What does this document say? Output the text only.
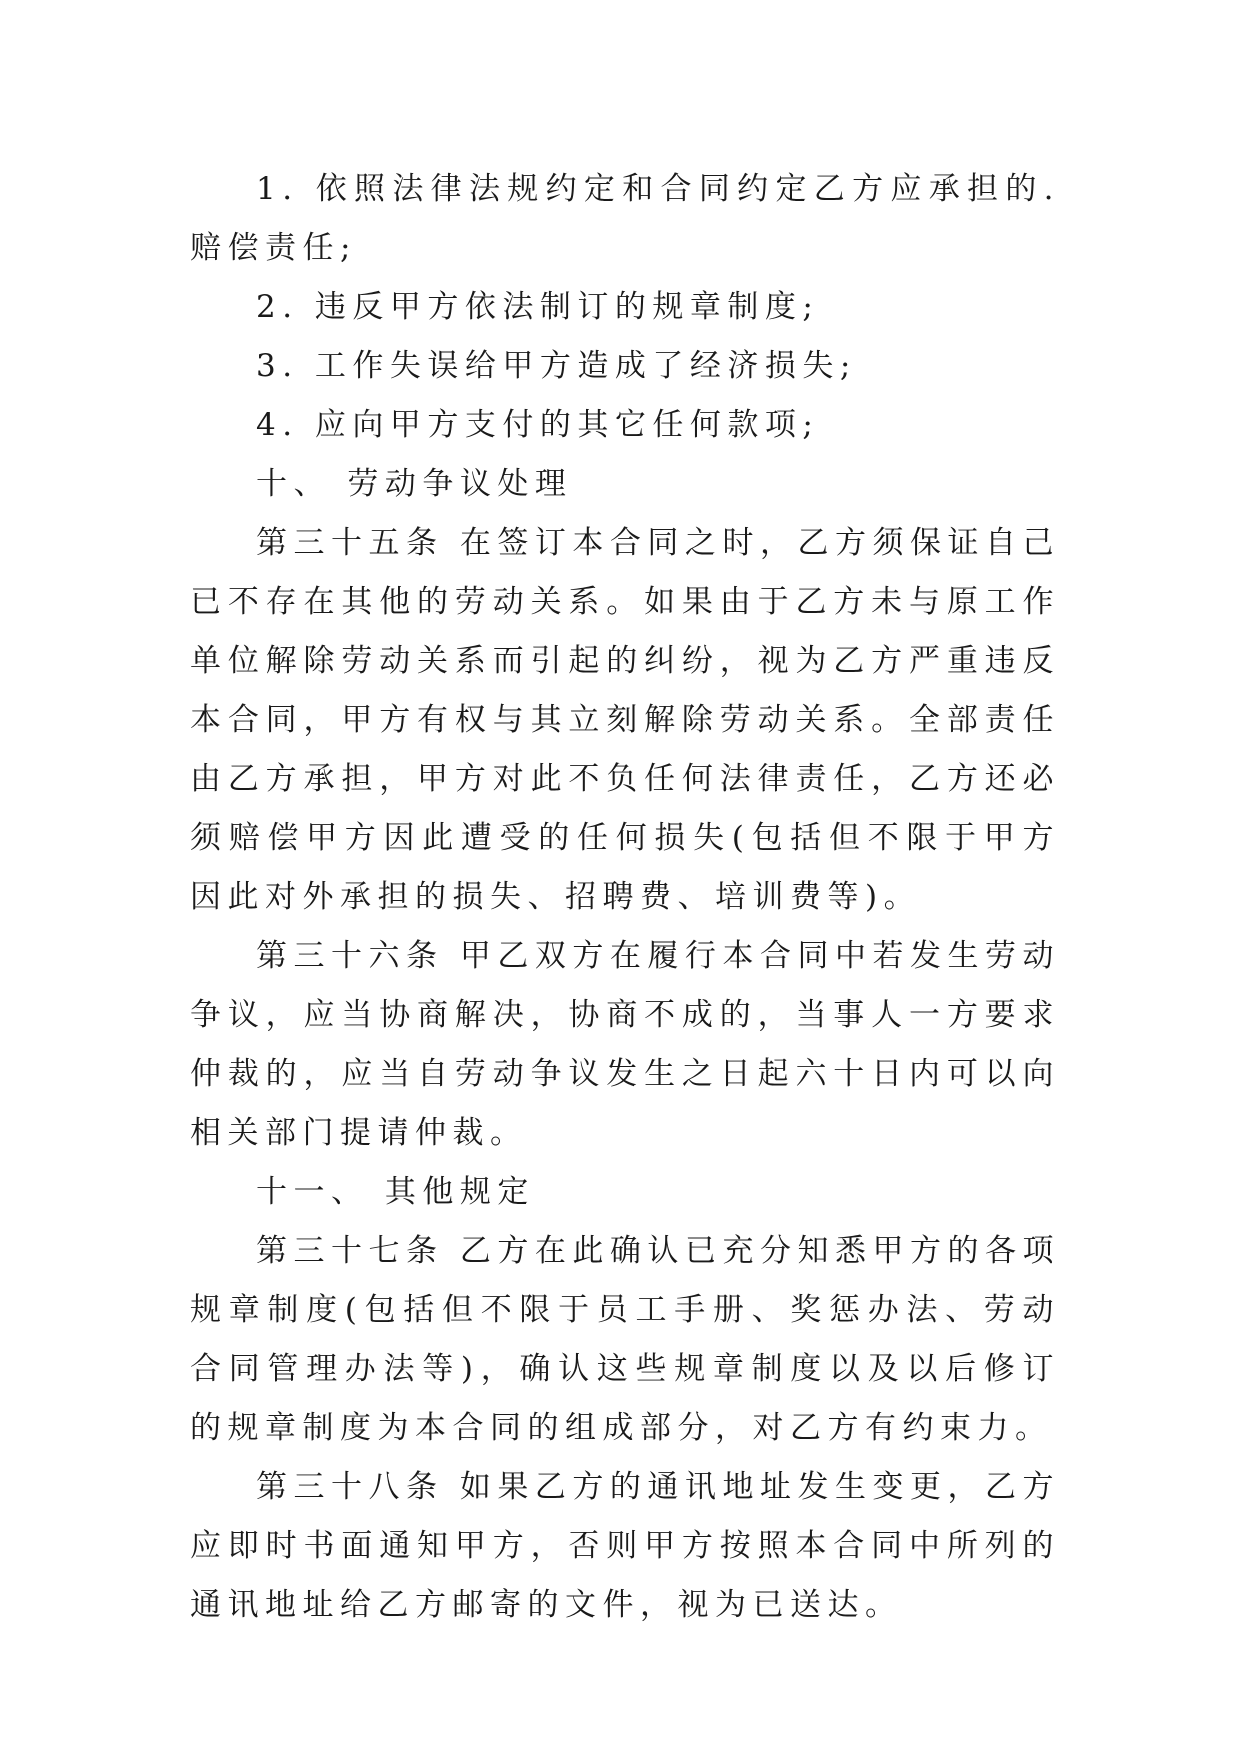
1. 依照法律法规约定和合同约定乙方应承担的.赔偿责任;

2. 违反甲方依法制订的规章制度;

3. 工作失误给甲方造成了经济损失;

4. 应向甲方支付的其它任何款项;

十、 劳动争议处理

第三十五条 在签订本合同之时，乙方须保证自己已不存在其他的劳动关系。如果由于乙方未与原工作单位解除劳动关系而引起的纠纷，视为乙方严重违反本合同，甲方有权与其立刻解除劳动关系。全部责任由乙方承担，甲方对此不负任何法律责任，乙方还必须赔偿甲方因此遭受的任何损失(包括但不限于甲方因此对外承担的损失、招聘费、培训费等)。

第三十六条 甲乙双方在履行本合同中若发生劳动争议，应当协商解决，协商不成的，当事人一方要求仲裁的，应当自劳动争议发生之日起六十日内可以向相关部门提请仲裁。

十一、 其他规定

第三十七条 乙方在此确认已充分知悉甲方的各项规章制度(包括但不限于员工手册、奖惩办法、劳动合同管理办法等)，确认这些规章制度以及以后修订的规章制度为本合同的组成部分，对乙方有约束力。

第三十八条 如果乙方的通讯地址发生变更，乙方应即时书面通知甲方，否则甲方按照本合同中所列的通讯地址给乙方邮寄的文件，视为已送达。
